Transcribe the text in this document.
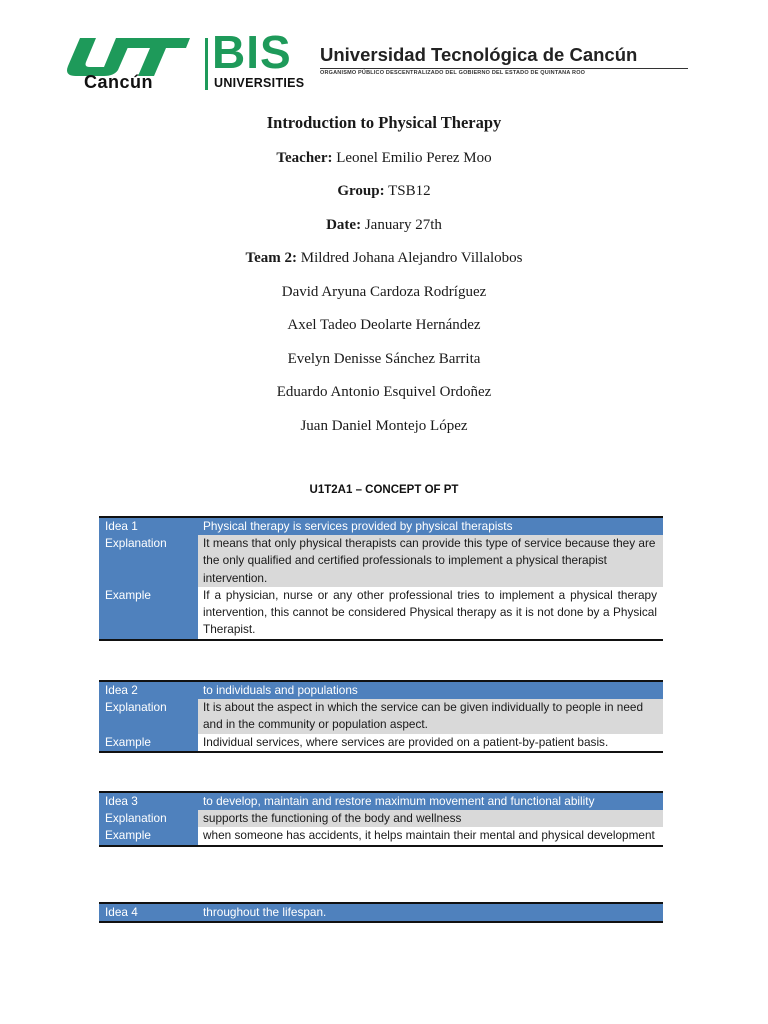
Cancún
BIS
UNIVERSITIES
Universidad Tecnológica de Cancún
ORGANISMO PÚBLICO DESCENTRALIZADO DEL GOBIERNO DEL ESTADO DE QUINTANA ROO
Introduction to Physical Therapy
Teacher: Leonel Emilio Perez Moo
Group: TSB12
Date: January 27th
Team 2: Mildred Johana Alejandro Villalobos
David Aryuna Cardoza Rodríguez
Axel Tadeo Deolarte Hernández
Evelyn Denisse Sánchez Barrita
Eduardo Antonio Esquivel Ordoñez
Juan Daniel Montejo López
U1T2A1 – CONCEPT OF PT
Idea 1	Physical therapy is services provided by physical therapists
Explanation	It means that only physical therapists can provide this type of service because they are the only qualified and certified professionals to implement a physical therapist intervention.
Example	If a physician, nurse or any other professional tries to implement a physical therapy intervention, this cannot be considered Physical therapy as it is not done by a Physical Therapist.
Idea 2	to individuals and populations
Explanation	It is about the aspect in which the service can be given individually to people in need and in the community or population aspect.
Example	Individual services, where services are provided on a patient-by-patient basis.
Idea 3	to develop, maintain and restore maximum movement and functional ability
Explanation	supports the functioning of the body and wellness
Example	when someone has accidents, it helps maintain their mental and physical development
Idea 4	throughout the lifespan.
